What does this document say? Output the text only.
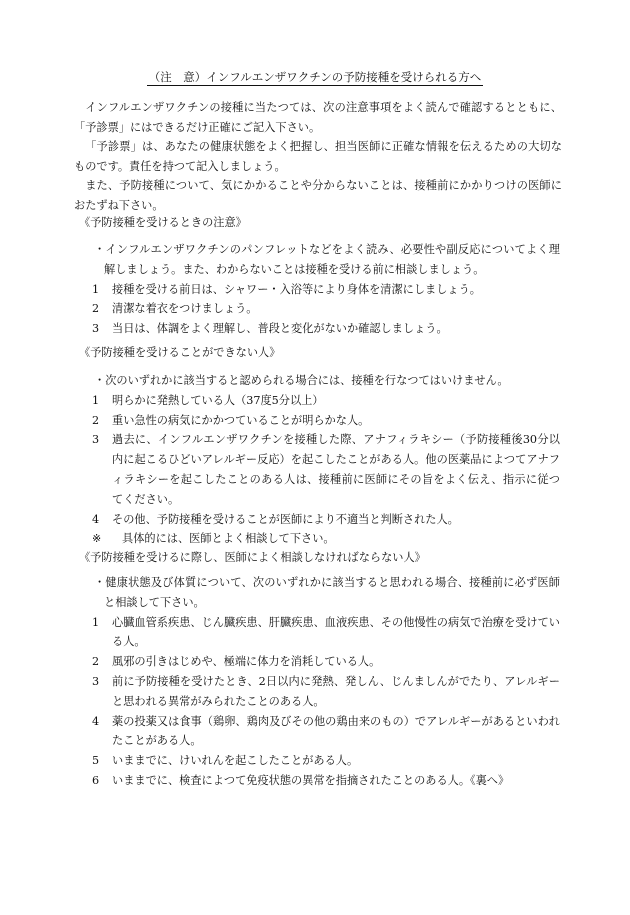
（注　意）インフルエンザワクチンの予防接種を受けられる方へ

インフルエンザワクチンの接種に当たつては、次の注意事項をよく読んで確認するとともに、「予診票」にはできるだけ正確にご記入下さい。

「予診票」は、あなたの健康状態をよく把握し、担当医師に正確な情報を伝えるための大切なものです。責任を持つて記入しましょう。

また、予防接種について、気にかかることや分からないことは、接種前にかかりつけの医師におたずね下さい。

《予防接種を受けるときの注意》

・インフルエンザワクチンのパンフレットなどをよく読み、必要性や副反応についてよく理解しましょう。また、わからないことは接種を受ける前に相談しましょう。

1	接種を受ける前日は、シャワー・入浴等により身体を清潔にしましょう。
2	清潔な着衣をつけましょう。
3	当日は、体調をよく理解し、普段と変化がないか確認しましょう。
《予防接種を受けることができない人》

・次のいずれかに該当すると認められる場合には、接種を行なつてはいけません。

1	明らかに発熱している人（37度5分以上）
2	重い急性の病気にかかつていることが明らかな人。
3	過去に、インフルエンザワクチンを接種した際、アナフィラキシー（予防接種後30分以内に起こるひどいアレルギー反応）を起こしたことがある人。他の医薬品によつてアナフィラキシーを起こしたことのある人は、接種前に医師にその旨をよく伝え、指示に従つてください。
4	その他、予防接種を受けることが医師により不適当と判断された人。
※	具体的には、医師とよく相談して下さい。
《予防接種を受けるに際し、医師によく相談しなければならない人》

・健康状態及び体質について、次のいずれかに該当すると思われる場合、接種前に必ず医師と相談して下さい。

1	心臓血管系疾患、じん臓疾患、肝臓疾患、血液疾患、その他慢性の病気で治療を受けている人。
2	風邪の引きはじめや、極端に体力を消耗している人。
3	前に予防接種を受けたとき、2日以内に発熱、発しん、じんましんがでたり、アレルギーと思われる異常がみられたことのある人。
4	薬の投薬又は食事（鶏卵、鶏肉及びその他の鶏由来のもの）でアレルギーがあるといわれたことがある人。
5	いままでに、けいれんを起こしたことがある人。
6	いままでに、検査によつて免疫状態の異常を指摘されたことのある人。《裏へ》
